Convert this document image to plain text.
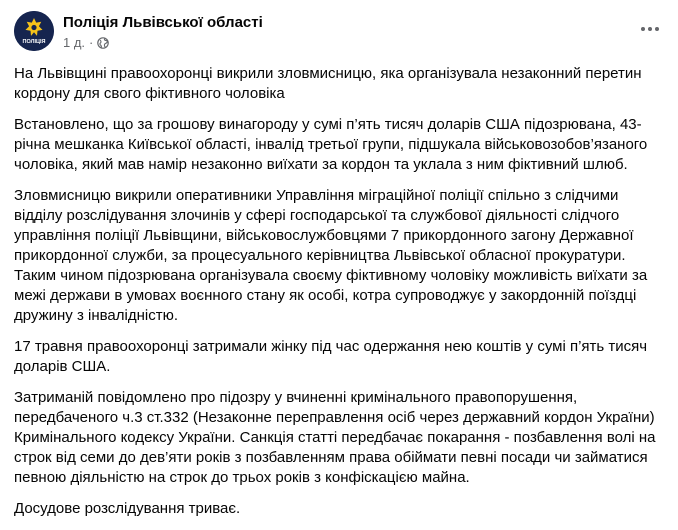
ПОЛІЦІЯ
Поліція Львівської області
1 д. ·

На Львівщині правоохоронці викрили зловмисницю, яка організувала незаконний перетин
кордону для свого фіктивного чоловіка

Встановлено, що за грошову винагороду у сумі п’ять тисяч доларів США підозрювана, 43-
річна мешканка Київської області, інвалід третьої групи, підшукала військовозобов’язаного
чоловіка, який мав намір незаконно виїхати за кордон та уклала з ним фіктивний шлюб.

Зловмисницю викрили оперативники Управління міграційної поліції спільно з слідчими
відділу розслідування злочинів у сфері господарської та службової діяльності слідчого
управління поліції Львівщини, військовослужбовцями 7 прикордонного загону Державної
прикордонної служби, за процесуального керівництва Львівської обласної прокуратури.
Таким чином підозрювана організувала своєму фіктивному чоловіку можливість виїхати за
межі держави в умовах воєнного стану як особі, котра супроводжує у закордонній поїздці
дружину з інвалідністю.

17 травня правоохоронці затримали жінку під час одержання нею коштів у сумі п’ять тисяч
доларів США.

Затриманій повідомлено про підозру у вчиненні кримінального правопорушення,
передбаченого ч.3 ст.332 (Незаконне переправлення осіб через державний кордон України)
Кримінального кодексу України. Санкція статті передбачає покарання - позбавлення волі на
строк від семи до дев’яти років з позбавленням права обіймати певні посади чи займатися
певною діяльністю на строк до трьох років з конфіскацією майна.

Досудове розслідування триває.
